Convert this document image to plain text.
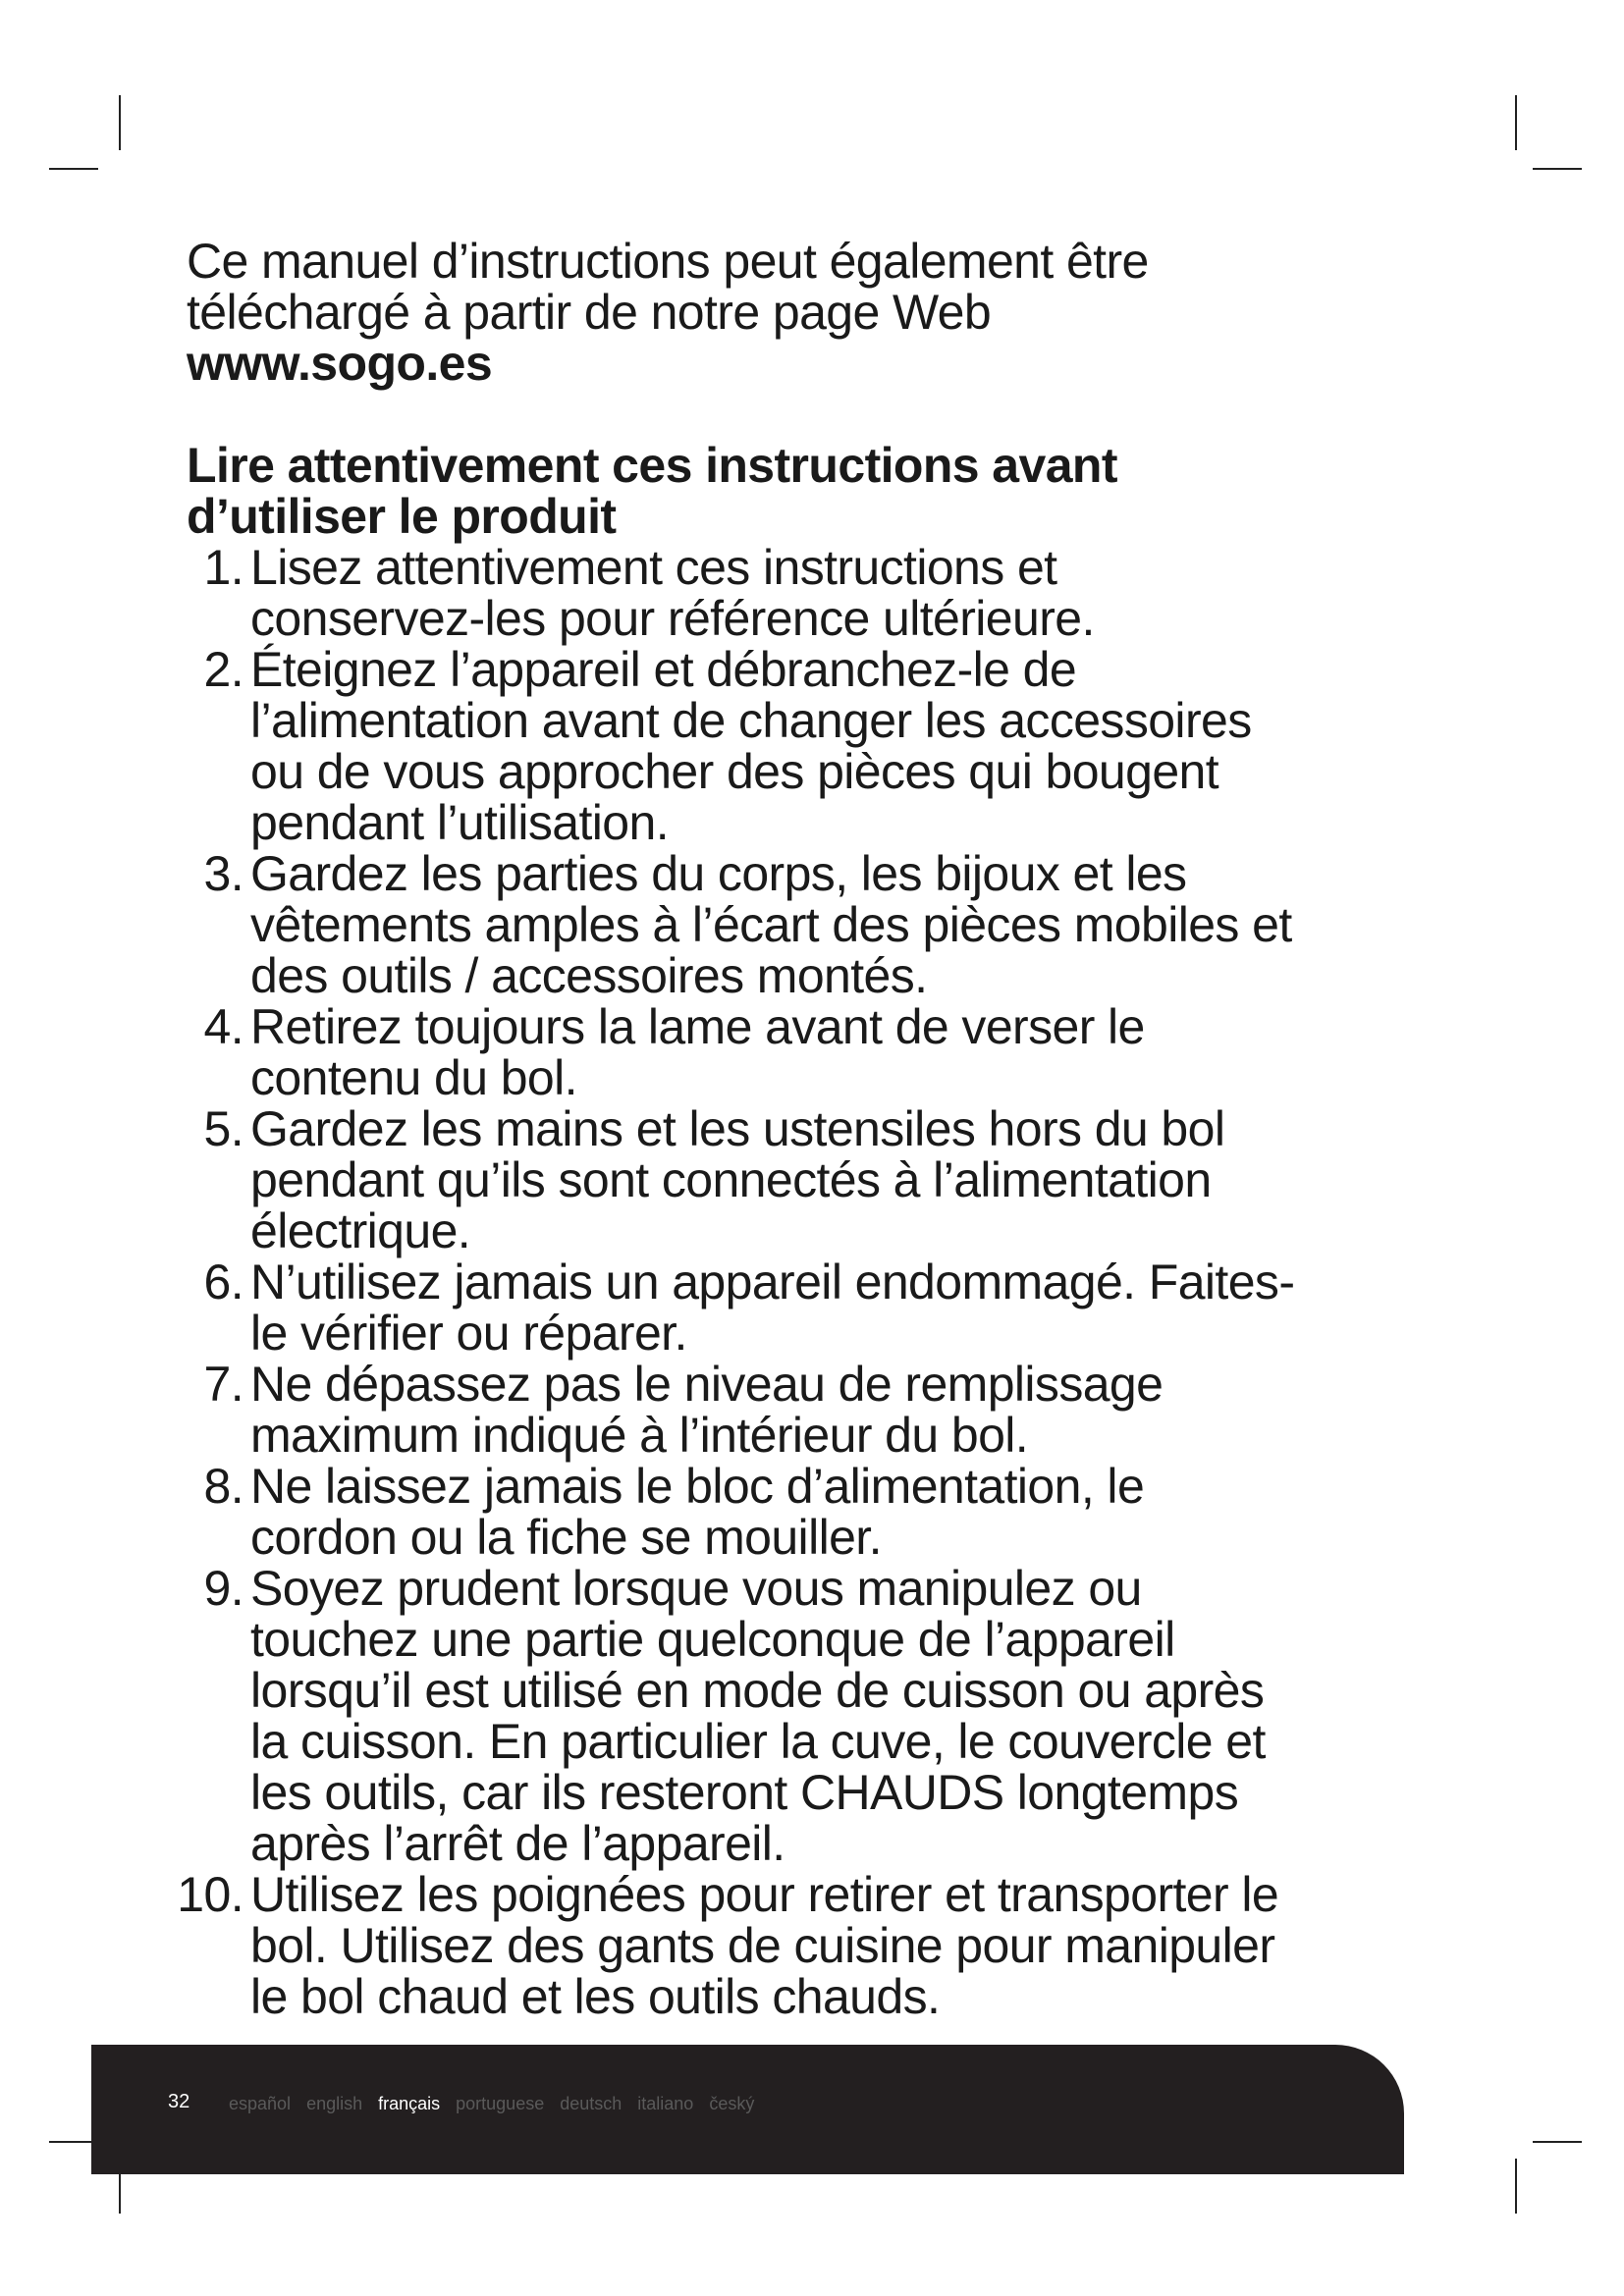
Ce manuel d’instructions peut également être

téléchargé à partir de notre page Web

www.sogo.es

Lire attentivement ces instructions avant
d’utiliser le produit
1. Lisez attentivement ces instructions et
conservez-les pour référence ultérieure.
2. Éteignez l’appareil et débranchez-le de
l’alimentation avant de changer les accessoires
ou de vous approcher des pièces qui bougent
pendant l’utilisation.
3. Gardez les parties du corps, les bijoux et les
vêtements amples à l’écart des pièces mobiles et
des outils / accessoires montés.
4. Retirez toujours la lame avant de verser le
contenu du bol.
5. Gardez les mains et les ustensiles hors du bol
pendant qu’ils sont connectés à l’alimentation
électrique.
6. N’utilisez jamais un appareil endommagé. Faites-
le vérifier ou réparer.
7. Ne dépassez pas le niveau de remplissage
maximum indiqué à l’intérieur du bol.
8. Ne laissez jamais le bloc d’alimentation, le
cordon ou la fiche se mouiller.
9. Soyez prudent lorsque vous manipulez ou
touchez une partie quelconque de l’appareil
lorsqu’il est utilisé en mode de cuisson ou après
la cuisson. En particulier la cuve, le couvercle et
les outils, car ils resteront CHAUDS longtemps
après l’arrêt de l’appareil.
10. Utilisez les poignées pour retirer et transporter le
bol. Utilisez des gants de cuisine pour manipuler
le bol chaud et les outils chauds.
32 español english français portuguese deutsch italiano český
